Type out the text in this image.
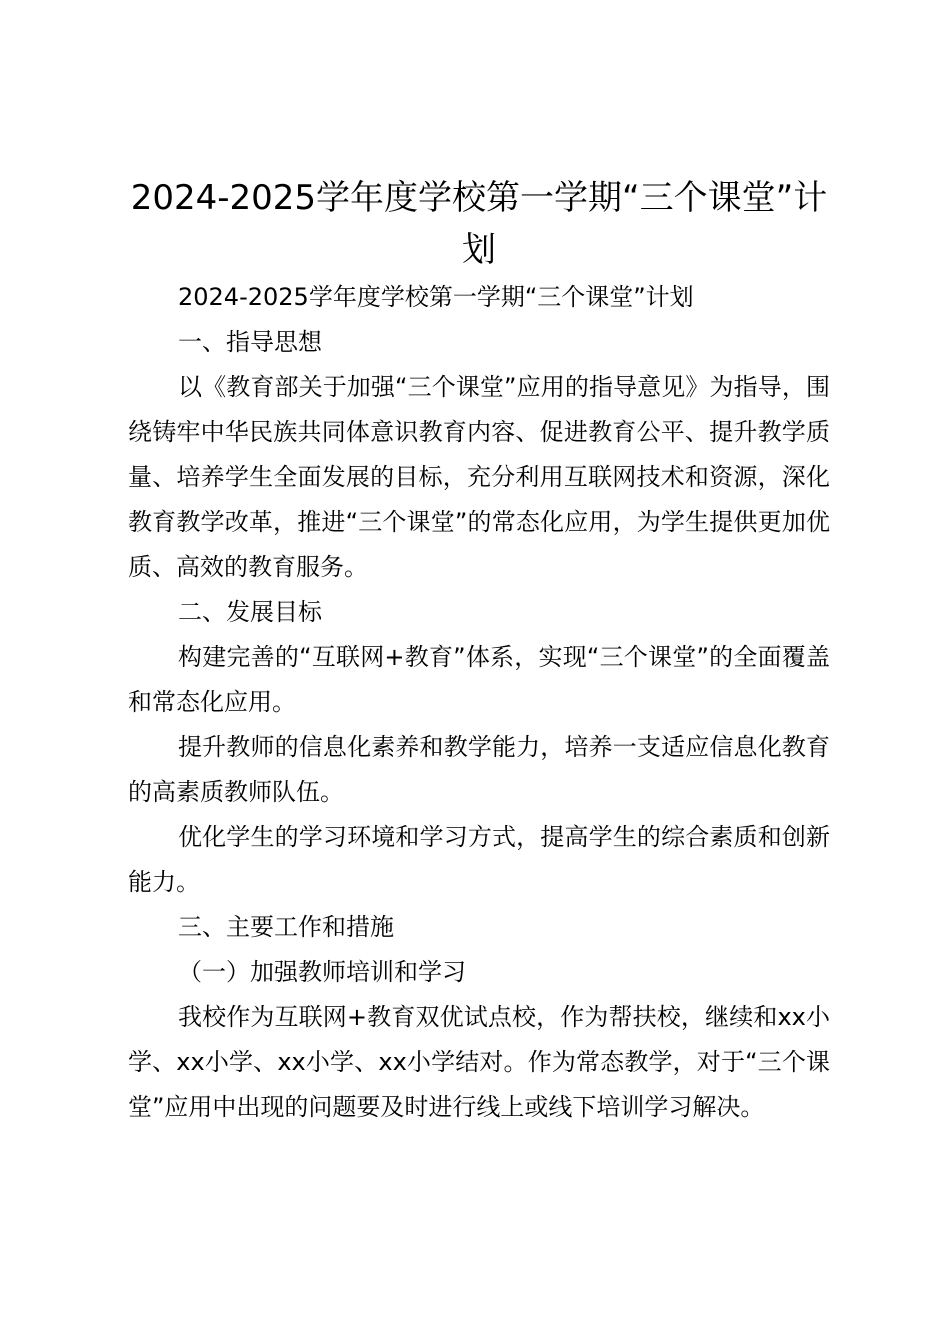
2024-2025学年度学校第一学期“三个课堂”计划

2024-2025学年度学校第一学期“三个课堂”计划

一、指导思想

以《教育部关于加强“三个课堂”应用的指导意见》为指导，围绕铸牢中华民族共同体意识教育内容、促进教育公平、提升教学质量、培养学生全面发展的目标，充分利用互联网技术和资源，深化教育教学改革，推进“三个课堂”的常态化应用，为学生提供更加优质、高效的教育服务。

二、发展目标

构建完善的“互联网+教育”体系，实现“三个课堂”的全面覆盖和常态化应用。

提升教师的信息化素养和教学能力，培养一支适应信息化教育的高素质教师队伍。

优化学生的学习环境和学习方式，提高学生的综合素质和创新能力。

三、主要工作和措施

（一）加强教师培训和学习

我校作为互联网+教育双优试点校，作为帮扶校，继续和xx小学、xx小学、xx小学、xx小学结对。作为常态教学，对于“三个课堂”应用中出现的问题要及时进行线上或线下培训学习解决。
